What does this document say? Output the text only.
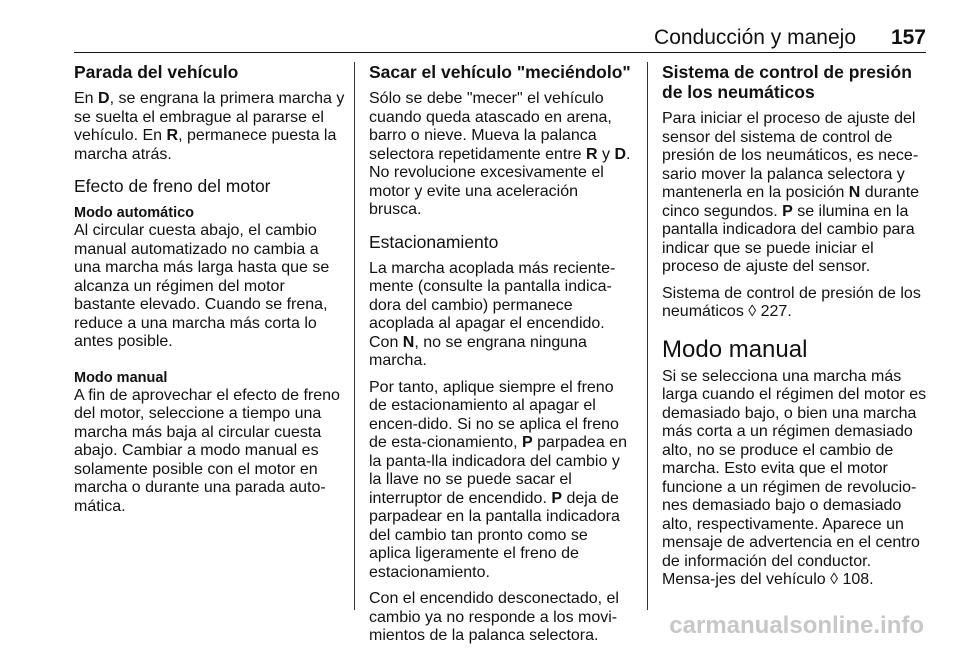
Conducción y manejo 157
Parada del vehículo

En D, se engrana la primera marcha y se suelta el embrague al pararse el vehículo. En R, permanece puesta la marcha atrás.

Efecto de freno del motor
Modo automático

Al circular cuesta abajo, el cambio manual automatizado no cambia a una marcha más larga hasta que se alcanza un régimen del motor bastante elevado. Cuando se frena, reduce a una marcha más corta lo antes posible.

Modo manual

A fin de aprovechar el efecto de freno del motor, seleccione a tiempo una marcha más baja al circular cuesta abajo. Cambiar a modo manual es solamente posible con el motor en marcha o durante una parada auto-mática.

Sacar el vehículo "meciéndolo"

Sólo se debe "mecer" el vehículo cuando queda atascado en arena, barro o nieve. Mueva la palanca selectora repetidamente entre R y D. No revolucione excesivamente el motor y evite una aceleración brusca.

Estacionamiento

La marcha acoplada más reciente-mente (consulte la pantalla indica-dora del cambio) permanece acoplada al apagar el encendido. Con N, no se engrana ninguna marcha.

Por tanto, aplique siempre el freno de estacionamiento al apagar el encen-dido. Si no se aplica el freno de esta-cionamiento, P parpadea en la panta-lla indicadora del cambio y la llave no se puede sacar el interruptor de encendido. P deja de parpadear en la pantalla indicadora del cambio tan pronto como se aplica ligeramente el freno de estacionamiento.

Con el encendido desconectado, el cambio ya no responde a los movi-mientos de la palanca selectora.

Sistema de control de presión de los neumáticos

Para iniciar el proceso de ajuste del sensor del sistema de control de presión de los neumáticos, es nece-sario mover la palanca selectora y mantenerla en la posición N durante cinco segundos. P se ilumina en la pantalla indicadora del cambio para indicar que se puede iniciar el proceso de ajuste del sensor.

Sistema de control de presión de los neumáticos ◊ 227.

Modo manual

Si se selecciona una marcha más larga cuando el régimen del motor es demasiado bajo, o bien una marcha más corta a un régimen demasiado alto, no se produce el cambio de marcha. Esto evita que el motor funcione a un régimen de revolucio-nes demasiado bajo o demasiado alto, respectivamente. Aparece un mensaje de advertencia en el centro de información del conductor. Mensa-jes del vehículo ◊ 108.

carmanualsonline.info
